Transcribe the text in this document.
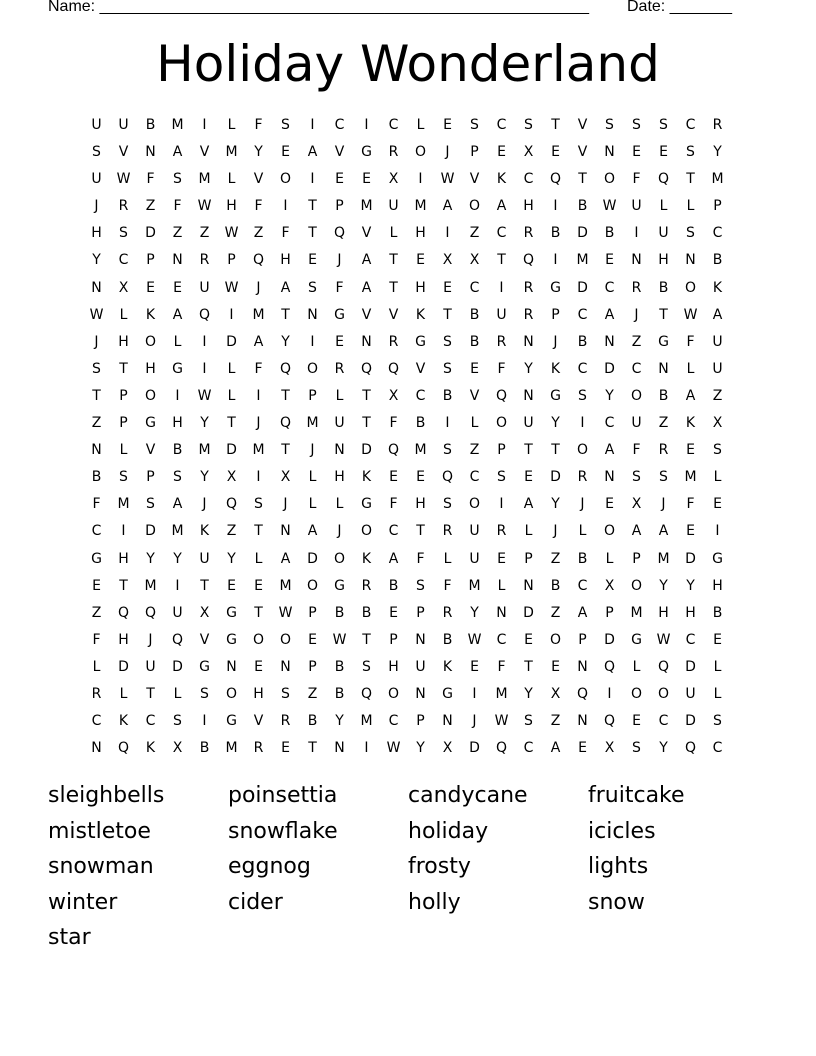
Name: _______________________________________________________ Date: _______
Holiday Wonderland
U	U	B	M	I	L	F	S	I	C	I	C	L	E	S	C	S	T	V	S	S	S	C	R
S	V	N	A	V	M	Y	E	A	V	G	R	O	J	P	E	X	E	V	N	E	E	S	Y
U	W	F	S	M	L	V	O	I	E	E	X	I	W	V	K	C	Q	T	O	F	Q	T	M
J	R	Z	F	W	H	F	I	T	P	M	U	M	A	O	A	H	I	B	W	U	L	L	P
H	S	D	Z	Z	W	Z	F	T	Q	V	L	H	I	Z	C	R	B	D	B	I	U	S	C
Y	C	P	N	R	P	Q	H	E	J	A	T	E	X	X	T	Q	I	M	E	N	H	N	B
N	X	E	E	U	W	J	A	S	F	A	T	H	E	C	I	R	G	D	C	R	B	O	K
W	L	K	A	Q	I	M	T	N	G	V	V	K	T	B	U	R	P	C	A	J	T	W	A
J	H	O	L	I	D	A	Y	I	E	N	R	G	S	B	R	N	J	B	N	Z	G	F	U
S	T	H	G	I	L	F	Q	O	R	Q	Q	V	S	E	F	Y	K	C	D	C	N	L	U
T	P	O	I	W	L	I	T	P	L	T	X	C	B	V	Q	N	G	S	Y	O	B	A	Z
Z	P	G	H	Y	T	J	Q	M	U	T	F	B	I	L	O	U	Y	I	C	U	Z	K	X
N	L	V	B	M	D	M	T	J	N	D	Q	M	S	Z	P	T	T	O	A	F	R	E	S
B	S	P	S	Y	X	I	X	L	H	K	E	E	Q	C	S	E	D	R	N	S	S	M	L
F	M	S	A	J	Q	S	J	L	L	G	F	H	S	O	I	A	Y	J	E	X	J	F	E
C	I	D	M	K	Z	T	N	A	J	O	C	T	R	U	R	L	J	L	O	A	A	E	I
G	H	Y	Y	U	Y	L	A	D	O	K	A	F	L	U	E	P	Z	B	L	P	M	D	G
E	T	M	I	T	E	E	M	O	G	R	B	S	F	M	L	N	B	C	X	O	Y	Y	H
Z	Q	Q	U	X	G	T	W	P	B	B	E	P	R	Y	N	D	Z	A	P	M	H	H	B
F	H	J	Q	V	G	O	O	E	W	T	P	N	B	W	C	E	O	P	D	G	W	C	E
L	D	U	D	G	N	E	N	P	B	S	H	U	K	E	F	T	E	N	Q	L	Q	D	L
R	L	T	L	S	O	H	S	Z	B	Q	O	N	G	I	M	Y	X	Q	I	O	O	U	L
C	K	C	S	I	G	V	R	B	Y	M	C	P	N	J	W	S	Z	N	Q	E	C	D	S
N	Q	K	X	B	M	R	E	T	N	I	W	Y	X	D	Q	C	A	E	X	S	Y	Q	C
sleighbells	poinsettia	candycane	fruitcake
mistletoe	snowflake	holiday	icicles
snowman	eggnog	frosty	lights
winter	cider	holly	snow
star
